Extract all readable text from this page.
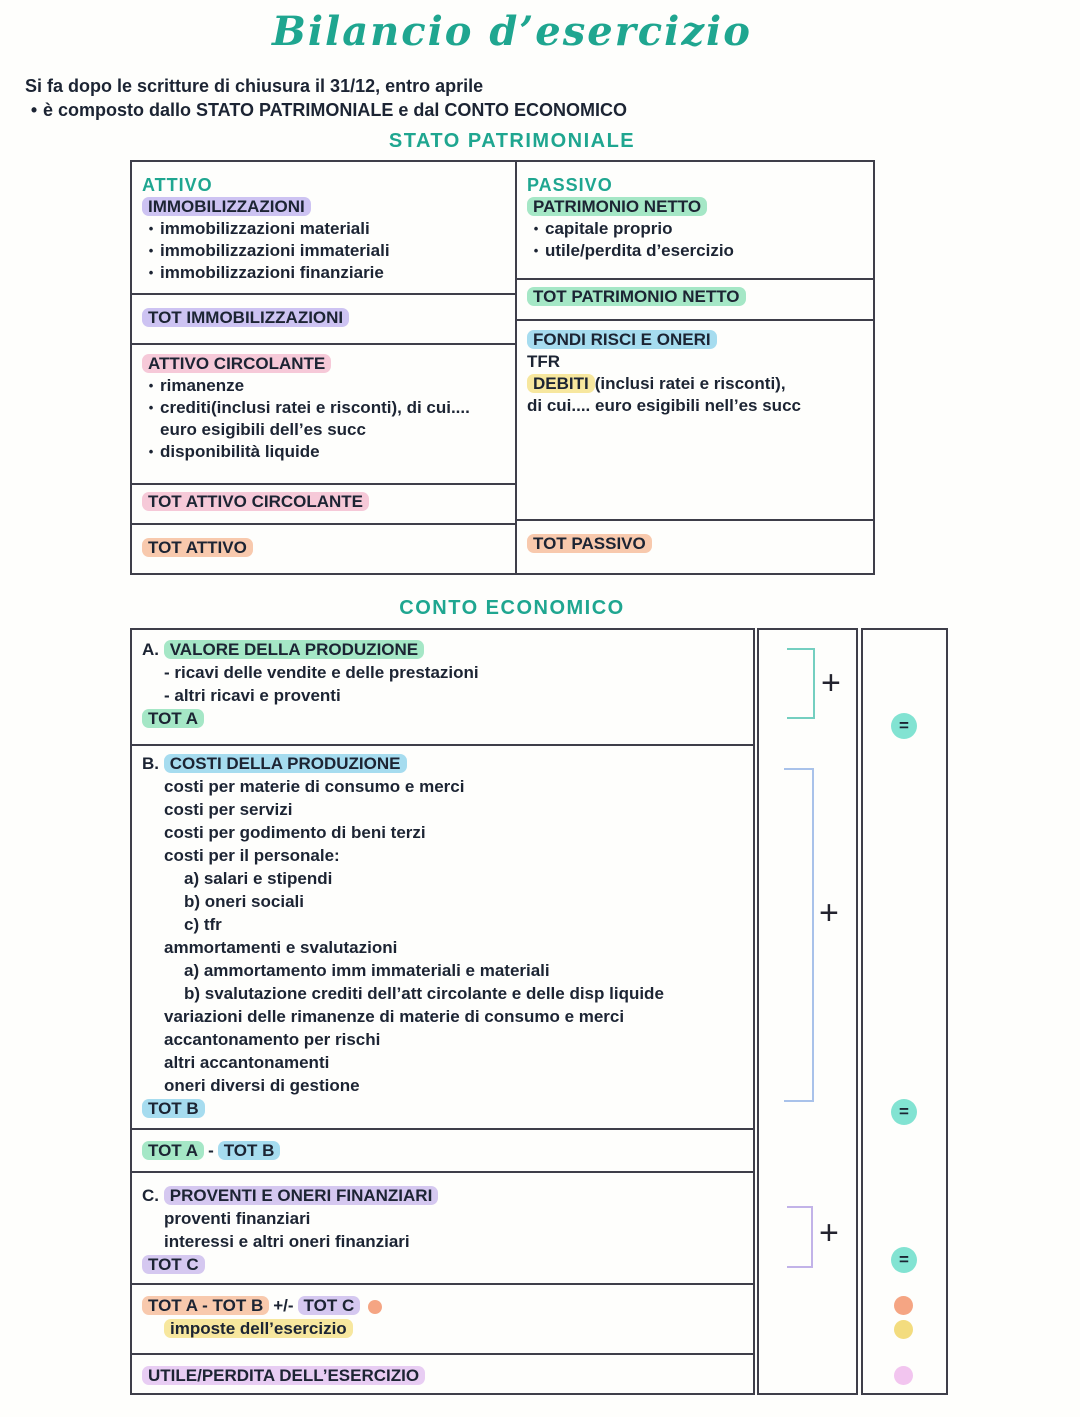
Bilancio d’esercizio
Si fa dopo le scritture di chiusura il 31/12, entro aprile
• è composto dallo STATO PATRIMONIALE e dal CONTO ECONOMICO
STATO PATRIMONIALE
ATTIVO
IMMOBILIZZAZIONI
• immobilizzazioni materiali
• immobilizzazioni immateriali
• immobilizzazioni finanziarie
TOT IMMOBILIZZAZIONI
ATTIVO CIRCOLANTE
• rimanenze
• crediti(inclusi ratei e risconti), di cui.... euro esigibili dell’es succ
• disponibilità liquide
TOT ATTIVO CIRCOLANTE
TOT ATTIVO
PASSIVO
PATRIMONIO NETTO
• capitale proprio
• utile/perdita d’esercizio
TOT PATRIMONIO NETTO
FONDI RISCI E ONERI
TFR
DEBITI (inclusi ratei e risconti),
di cui.... euro esigibili nell’es succ
TOT PASSIVO
CONTO ECONOMICO
A. VALORE DELLA PRODUZIONE
- ricavi delle vendite e delle prestazioni
- altri ricavi e proventi
TOT A
B. COSTI DELLA PRODUZIONE
costi per materie di consumo e merci
costi per servizi
costi per godimento di beni terzi
costi per il personale:
a) salari e stipendi
b) oneri sociali
c) tfr
ammortamenti e svalutazioni
a) ammortamento imm immateriali e materiali
b) svalutazione crediti dell’att circolante e delle disp liquide
variazioni delle rimanenze di materie di consumo e merci
accantonamento per rischi
altri accantonamenti
oneri diversi di gestione
TOT B
TOT A - TOT B
C. PROVENTI E ONERI FINANZIARI
proventi finanziari
interessi e altri oneri finanziari
TOT C
TOT A - TOT B +/- TOT C
imposte dell’esercizio
UTILE/PERDITA DELL’ESERCIZIO
+
+
+
=
=
=
